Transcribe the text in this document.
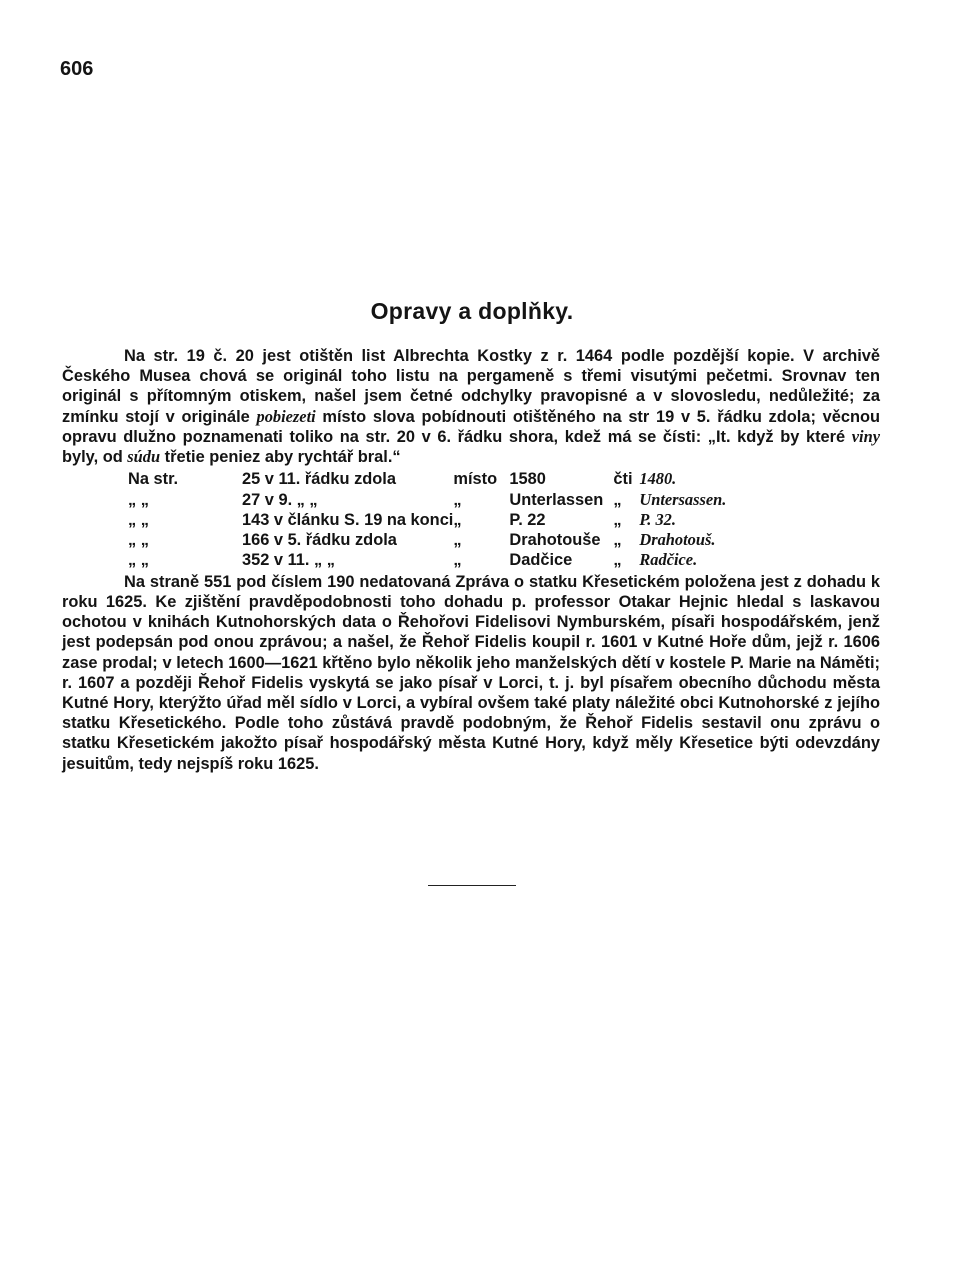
606
Opravy a doplňky.

Na str. 19 č. 20 jest otištěn list Albrechta Kostky z r. 1464 podle pozdější kopie. V archivě Českého Musea chová se originál toho listu na pergameně s třemi visutými pečetmi. Srovnav ten originál s přítomným otiskem, našel jsem četné odchylky pravopisné a v slovosledu, nedůležité; za zmínku stojí v originále pobiezeti místo slova pobídnouti otištěného na str 19 v 5. řádku zdola; věcnou opravu dlužno poznamenati toliko na str. 20 v 6. řádku shora, kdež má se čísti: „It. když by které viny byly, od súdu třetie peniez aby rychtář bral.“

Na str.	25 v 11. řádku zdola	místo	1580	čti	1480.
„ „	27 v 9. „ „	„	Unterlassen	„	Untersassen.
„ „	143 v článku S. 19 na konci	„	P. 22	„	P. 32.
„ „	166 v 5. řádku zdola	„	Drahotouše	„	Drahotouš.
„ „	352 v 11. „ „	„	Dadčice	„	Radčice.

Na straně 551 pod číslem 190 nedatovaná Zpráva o statku Křesetickém položena jest z dohadu k roku 1625. Ke zjištění pravděpodobnosti toho dohadu p. professor Otakar Hejnic hledal s laskavou ochotou v knihách Kutnohorských data o Řehořovi Fidelisovi Nymburském, písaři hospodářském, jenž jest podepsán pod onou zprávou; a našel, že Řehoř Fidelis koupil r. 1601 v Kutné Hoře dům, jejž r. 1606 zase prodal; v letech 1600—1621 křtěno bylo několik jeho manželských dětí v kostele P. Marie na Náměti; r. 1607 a později Řehoř Fidelis vyskytá se jako písař v Lorci, t. j. byl písařem obecního důchodu města Kutné Hory, kterýžto úřad měl sídlo v Lorci, a vybíral ovšem také platy náležité obci Kutnohorské z jejího statku Křesetického. Podle toho zůstává pravdě podobným, že Řehoř Fidelis sestavil onu zprávu o statku Křesetickém jakožto písař hospodářský města Kutné Hory, když měly Křesetice býti odevzdány jesuitům, tedy nejspíš roku 1625.
